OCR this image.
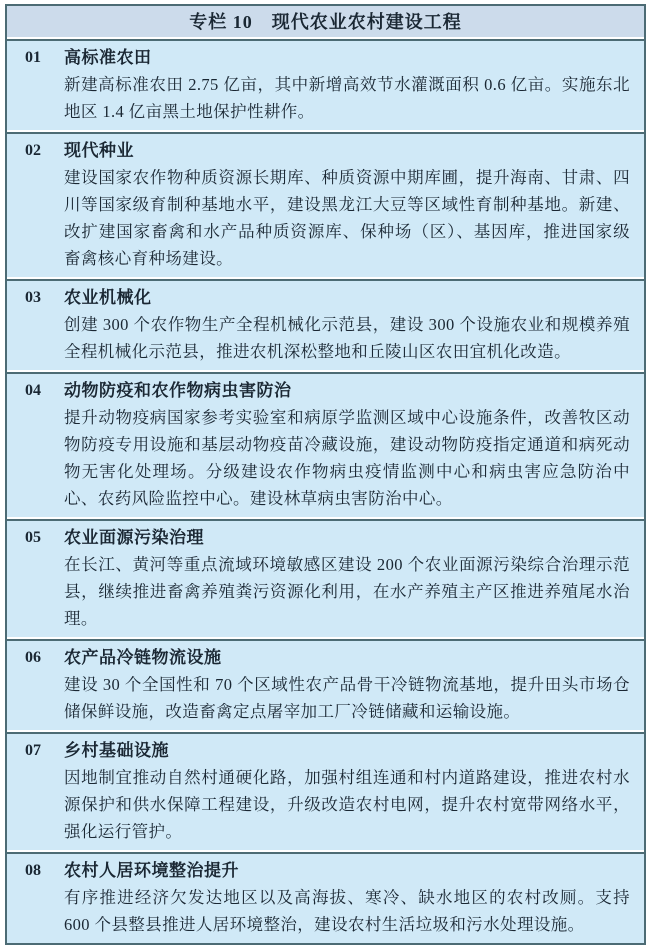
专栏 10　现代农业农村建设工程
01	高标准农田
新建高标准农田 2.75 亿亩，其中新增高效节水灌溉面积 0.6 亿亩。实施东北地区 1.4 亿亩黑土地保护性耕作。
02	现代种业
建设国家农作物种质资源长期库、种质资源中期库圃，提升海南、甘肃、四川等国家级育制种基地水平，建设黑龙江大豆等区域性育制种基地。新建、改扩建国家畜禽和水产品种质资源库、保种场（区）、基因库，推进国家级畜禽核心育种场建设。
03	农业机械化
创建 300 个农作物生产全程机械化示范县，建设 300 个设施农业和规模养殖全程机械化示范县，推进农机深松整地和丘陵山区农田宜机化改造。
04	动物防疫和农作物病虫害防治
提升动物疫病国家参考实验室和病原学监测区域中心设施条件，改善牧区动物防疫专用设施和基层动物疫苗冷藏设施，建设动物防疫指定通道和病死动物无害化处理场。分级建设农作物病虫疫情监测中心和病虫害应急防治中心、农药风险监控中心。建设林草病虫害防治中心。
05	农业面源污染治理
在长江、黄河等重点流域环境敏感区建设 200 个农业面源污染综合治理示范县，继续推进畜禽养殖粪污资源化利用，在水产养殖主产区推进养殖尾水治理。
06	农产品冷链物流设施
建设 30 个全国性和 70 个区域性农产品骨干冷链物流基地，提升田头市场仓储保鲜设施，改造畜禽定点屠宰加工厂冷链储藏和运输设施。
07	乡村基础设施
因地制宜推动自然村通硬化路，加强村组连通和村内道路建设，推进农村水源保护和供水保障工程建设，升级改造农村电网，提升农村宽带网络水平，强化运行管护。
08	农村人居环境整治提升
有序推进经济欠发达地区以及高海拔、寒冷、缺水地区的农村改厕。支持 600 个县整县推进人居环境整治，建设农村生活垃圾和污水处理设施。
